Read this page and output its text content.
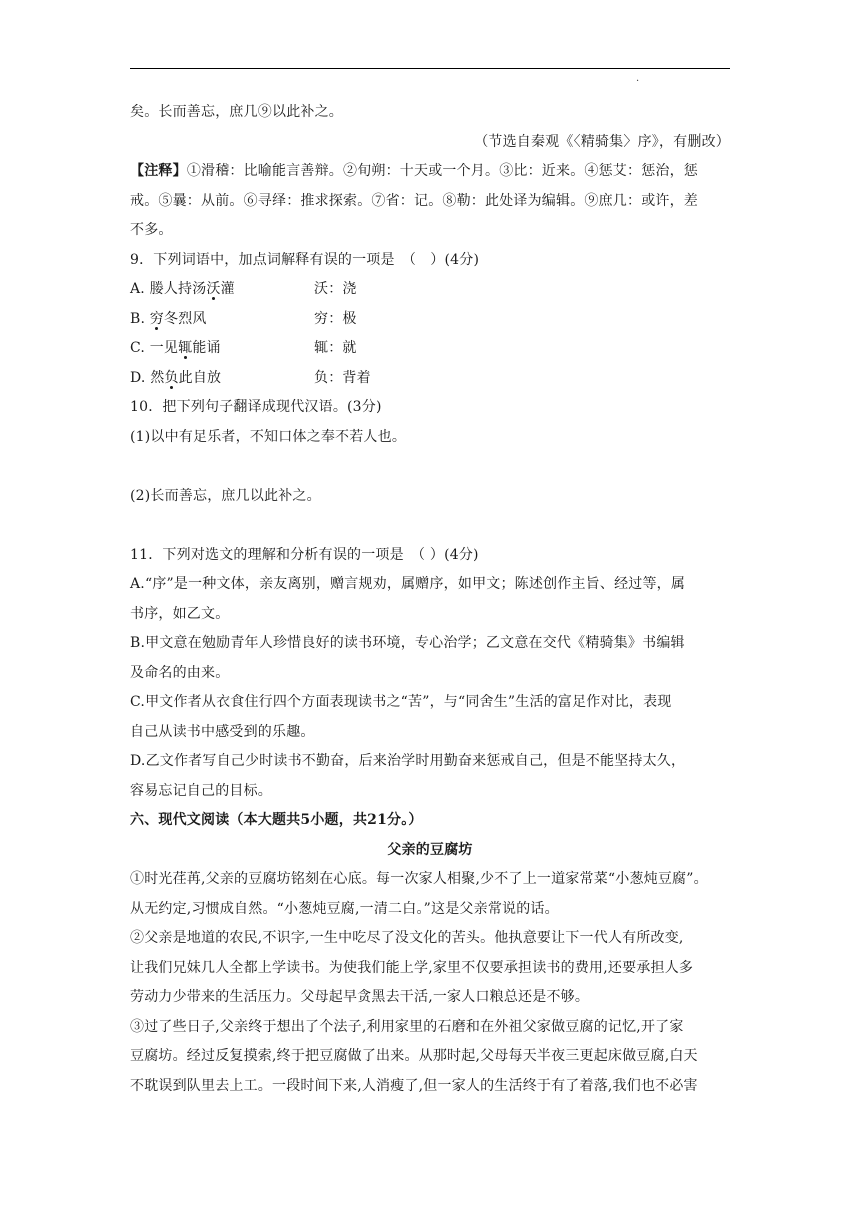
·
矣。长而善忘，庶几⑨以此补之。
（节选自秦观《〈精骑集〉序》，有删改）
【注释】①滑稽：比喻能言善辩。②旬朔：十天或一个月。③比：近来。④惩艾：惩治，惩
戒。⑤曩：从前。⑥寻绎：推求探索。⑦省：记。⑧勒：此处译为编辑。⑨庶几：或许，差
不多。
9．下列词语中，加点词解释有误的一项是　（　）(4分)
A. 媵人持汤沃灌	沃：浇
B. 穷冬烈风	穷：极
C. 一见辄能诵	辄：就
D. 然负此自放	负：背着
10．把下列句子翻译成现代汉语。(3分)
(1)以中有足乐者，不知口体之奉不若人也。
(2)长而善忘，庶几以此补之。
11．下列对选文的理解和分析有误的一项是　（ ）(4分)
A.“序”是一种文体，亲友离别，赠言规劝，属赠序，如甲文；陈述创作主旨、经过等，属
书序，如乙文。
B.甲文意在勉励青年人珍惜良好的读书环境，专心治学；乙文意在交代《精骑集》书编辑
及命名的由来。
C.甲文作者从衣食住行四个方面表现读书之“苦”，与“同舍生”生活的富足作对比，表现
自己从读书中感受到的乐趣。
D.乙文作者写自己少时读书不勤奋，后来治学时用勤奋来惩戒自己，但是不能坚持太久，
容易忘记自己的目标。
六、现代文阅读（本大题共5小题，共21分。）
父亲的豆腐坊
①时光荏苒,父亲的豆腐坊铭刻在心底。每一次家人相聚,少不了上一道家常菜“小葱炖豆腐”。
从无约定,习惯成自然。“小葱炖豆腐,一清二白。”这是父亲常说的话。
②父亲是地道的农民,不识字,一生中吃尽了没文化的苦头。他执意要让下一代人有所改变,
让我们兄妹几人全都上学读书。为使我们能上学,家里不仅要承担读书的费用,还要承担人多
劳动力少带来的生活压力。父母起早贪黑去干活,一家人口粮总还是不够。
③过了些日子,父亲终于想出了个法子,利用家里的石磨和在外祖父家做豆腐的记忆,开了家
豆腐坊。经过反复摸索,终于把豆腐做了出来。从那时起,父母每天半夜三更起床做豆腐,白天
不耽误到队里去上工。一段时间下来,人消瘦了,但一家人的生活终于有了着落,我们也不必害
